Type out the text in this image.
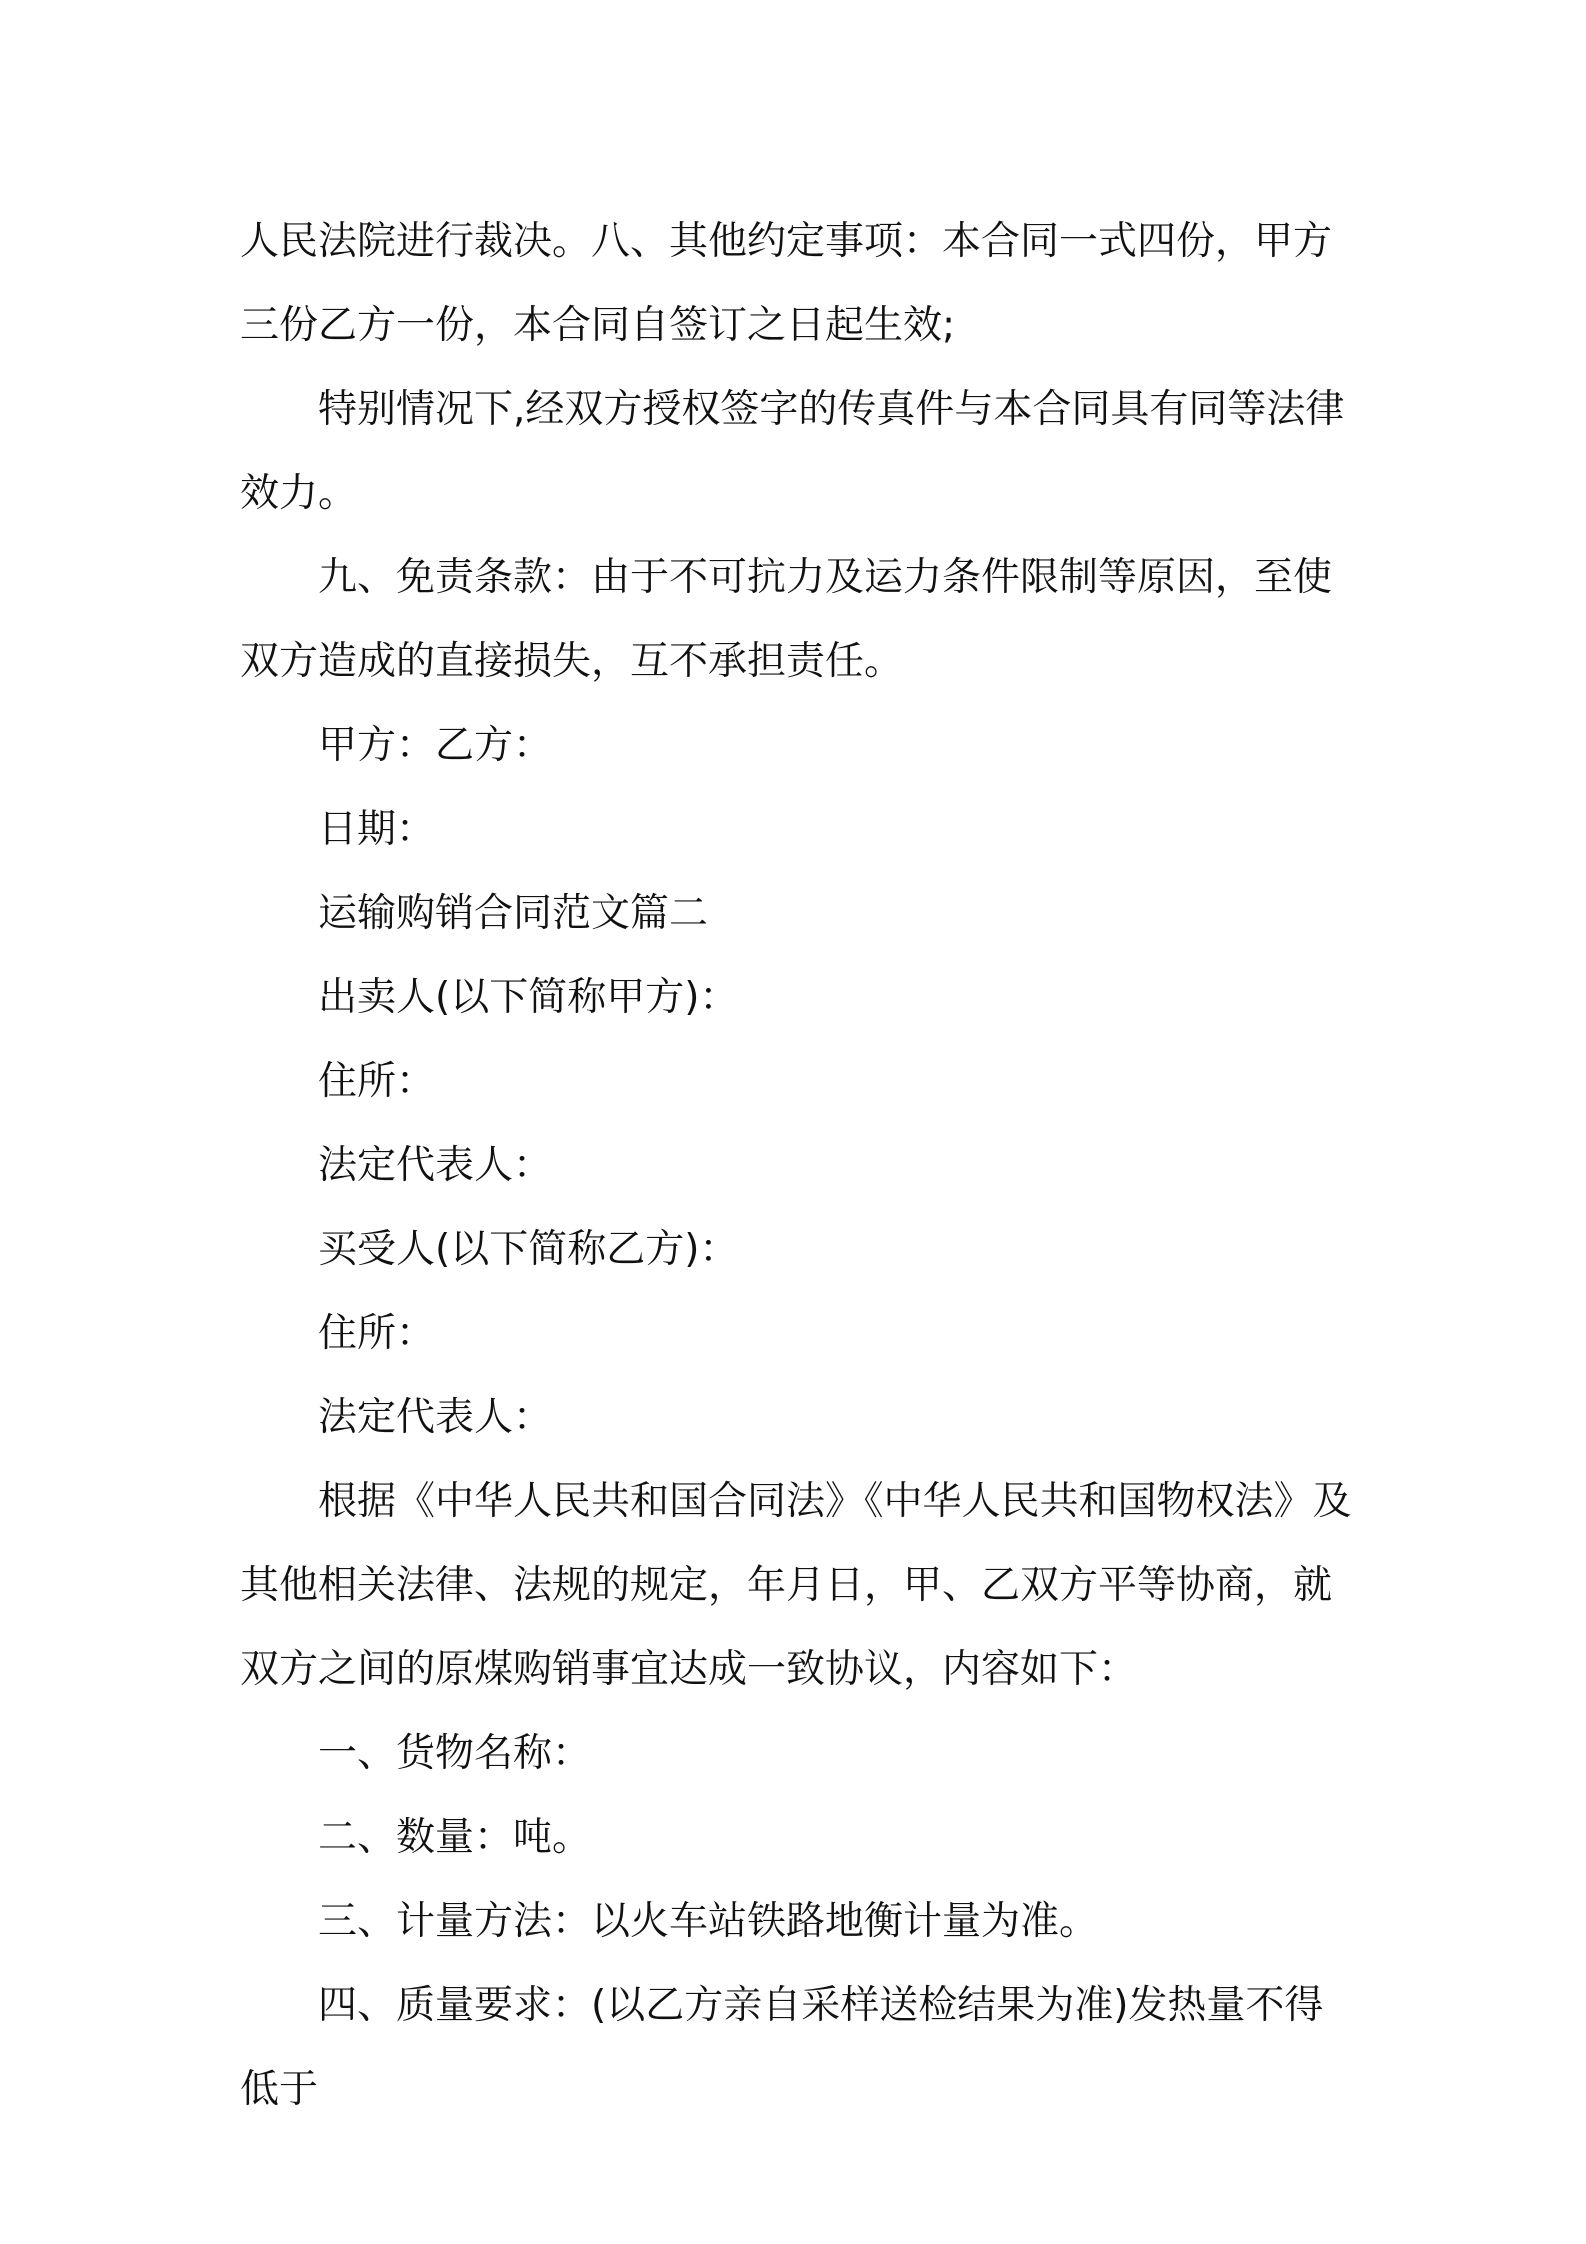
人民法院进行裁决。八、其他约定事项：本合同一式四份，甲方三份乙方一份，本合同自签订之日起生效;

特别情况下,经双方授权签字的传真件与本合同具有同等法律效力。

九、免责条款：由于不可抗力及运力条件限制等原因，至使双方造成的直接损失，互不承担责任。

甲方：乙方：

日期：

运输购销合同范文篇二

出卖人(以下简称甲方)：

住所：

法定代表人：

买受人(以下简称乙方)：

住所：

法定代表人：

根据《中华人民共和国合同法》《中华人民共和国物权法》及其他相关法律、法规的规定，年月日，甲、乙双方平等协商，就双方之间的原煤购销事宜达成一致协议，内容如下：

一、货物名称：

二、数量：吨。

三、计量方法：以火车站铁路地衡计量为准。

四、质量要求：(以乙方亲自采样送检结果为准)发热量不得低于
